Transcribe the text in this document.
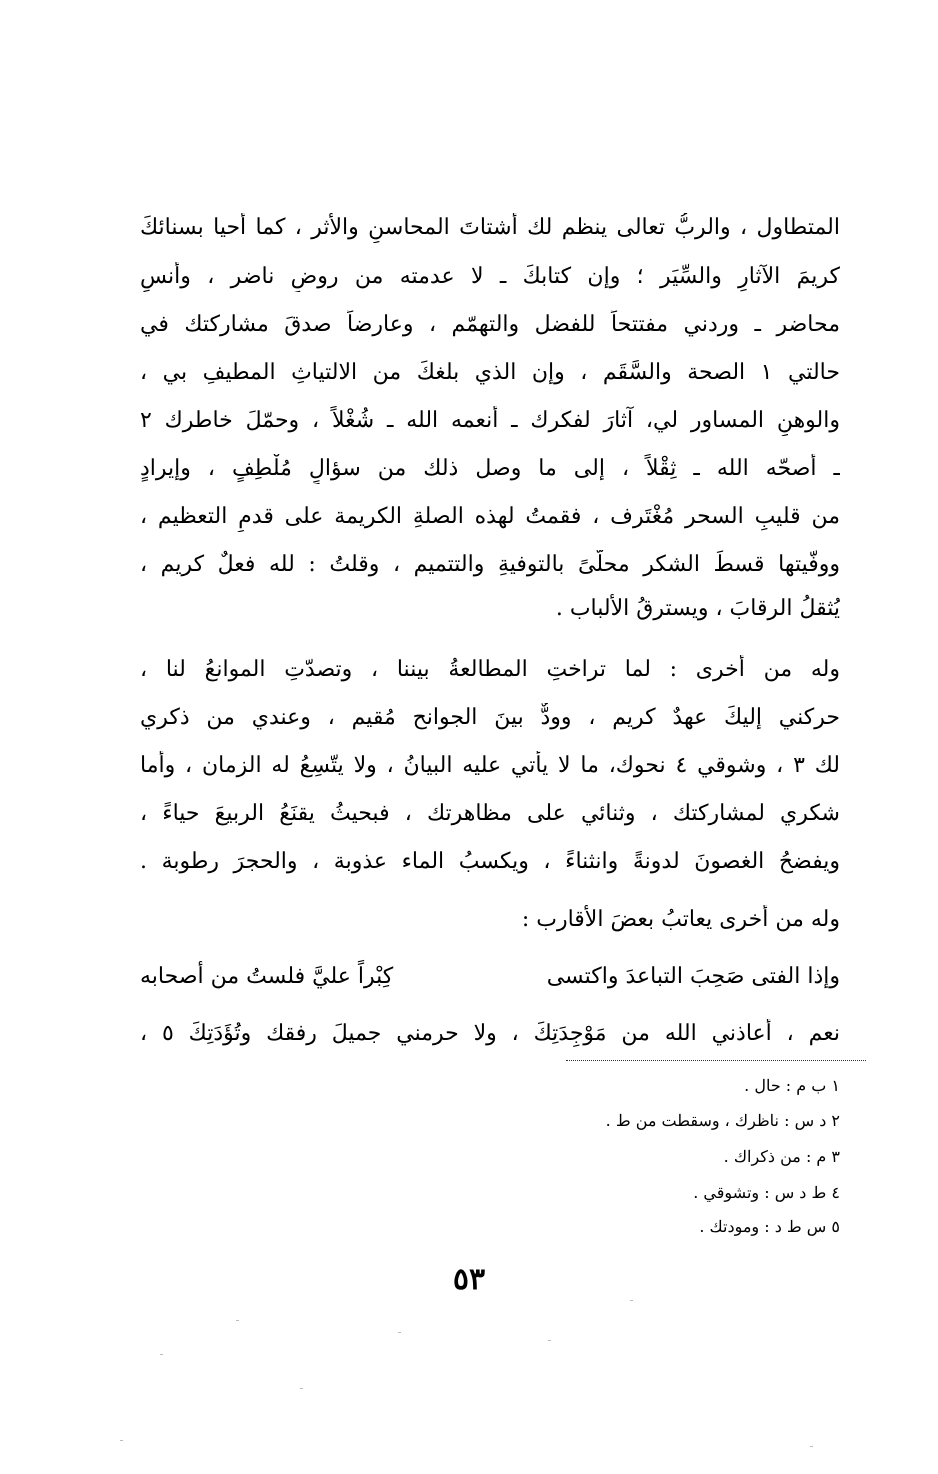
المتطاول ، والربُّ تعالى ينظم لك أشتاتَ المحاسنِ والأثر ، كما أحيا بسنائكَ
كريمَ الآثارِ والسِّيَر ؛ وإن كتابكَ ـ لا عدمته من روضٍ ناضر ، وأُنسٍ
محاضر ـ وردني مفتتحاً للفضل والتهمّم ، وعارضاً صدقَ مشاركتك في
حالتي ١ الصحة والسَّقَم ، وإن الذي بلغكَ من الالتياثِ المطيفِ بي ،
والوهنِ المساور لي، آثارَ لفكرك ـ أنعمه الله ـ شُغْلاً ، وحمّلَ خاطرك ٢
ـ أصحّه الله ـ ثِقْلاً ، إلى ما وصل ذلك من سؤالٍ مُلْطِفٍ ، وإيرادٍ
من قليبِ السحر مُغْتَرف ، فقمتُ لهذه الصلةِ الكريمة على قدمِ التعظيم ،
ووفّيتها قسطَ الشكر محلّىً بالتوفيةِ والتتميم ، وقلتُ : لله فعلٌ كريم ،
يُثقلُ الرقابَ ، ويسترقُ الألباب .
وله من أخرى : لما تراختِ المطالعةُ بيننا ، وتصدّتِ الموانعُ لنا ،
حركني إليكَ عهدٌ كريم ، وودٌّ بينَ الجوانح مُقيم ، وعندي من ذكري
لك ٣ ، وشوقي ٤ نحوك، ما لا يأتي عليه البيانُ ، ولا يتّسِعُ له الزمان ، وأما
شكري لمشاركتك ، وثنائي على مظاهرتك ، فبحيثُ يقنَعُ الربيعَ حياءً ،
ويفضحُ الغصونَ لدونةً وانثناءً ، ويكسبُ الماء عذوبة ، والحجرَ رطوبة .
وله من أخرى يعاتبُ بعضَ الأقارب :
وإذا الفتى صَحِبَ التباعدَ واكتسى
كِبْراً عليَّ فلستُ من أصحابه
نعم ، أعاذني الله من مَوْجِدَتِكَ ، ولا حرمني جميلَ رفقك وتُؤَدَتِكَ ٥ ،
١ ب م : حال .
٢ د س : ناظرك ، وسقطت من ط .
٣ م : من ذكراك .
٤ ط د س : وتشوقي .
٥ س ط د : ومودتك .
٥٣
